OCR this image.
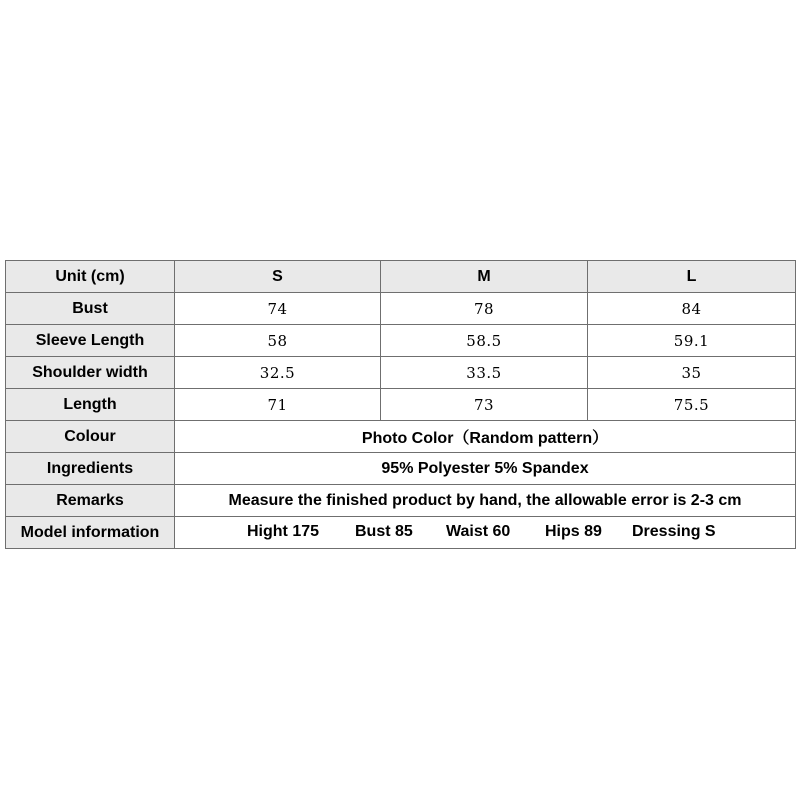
Unit (cm)	S	M	L
Bust	74	78	84
Sleeve Length	58	58.5	59.1
Shoulder width	32.5	33.5	35
Length	71	73	75.5
Colour	Photo Color（Random pattern）		
Ingredients	95% Polyester 5% Spandex		
Remarks	Measure the finished product by hand, the allowable error is 2-3 cm		
Model information	Hight 175 Bust 85 Waist 60 Hips 89 Dressing S		
